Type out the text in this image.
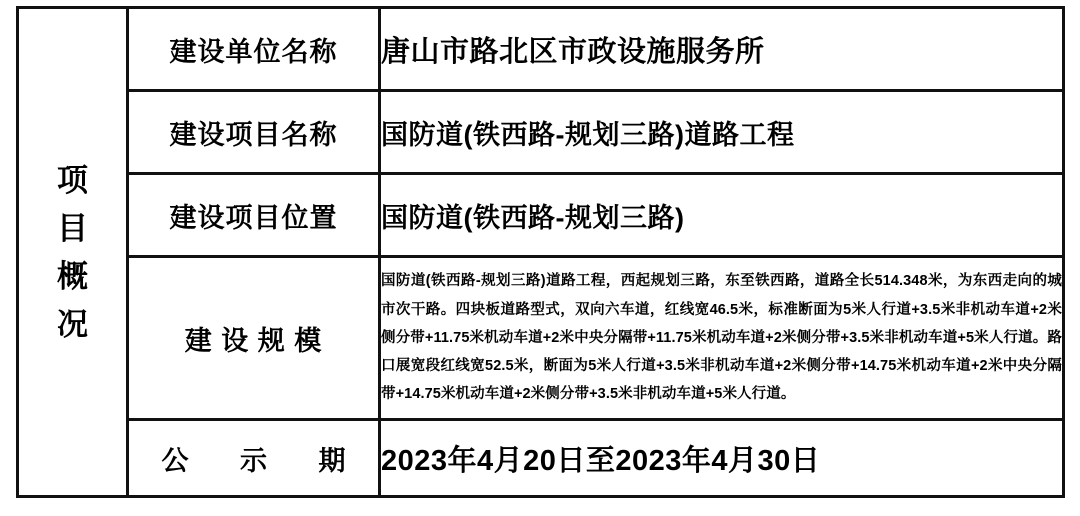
项
目
概
况	建设单位名称	唐山市路北区市政设施服务所
	建设项目名称	国防道(铁西路-规划三路)道路工程
	建设项目位置	国防道(铁西路-规划三路)
	建 设 规 模	国防道(铁西路-规划三路)道路工程，西起规划三路，东至铁西路，道路全长514.348米，为东西走向的城市次干路。四块板道路型式，双向六车道，红线宽46.5米，标准断面为5米人行道+3.5米非机动车道+2米侧分带+11.75米机动车道+2米中央分隔带+11.75米机动车道+2米侧分带+3.5米非机动车道+5米人行道。路口展宽段红线宽52.5米，断面为5米人行道+3.5米非机动车道+2米侧分带+14.75米机动车道+2米中央分隔带+14.75米机动车道+2米侧分带+3.5米非机动车道+5米人行道。
	公 示 期	2023年4月20日至2023年4月30日
